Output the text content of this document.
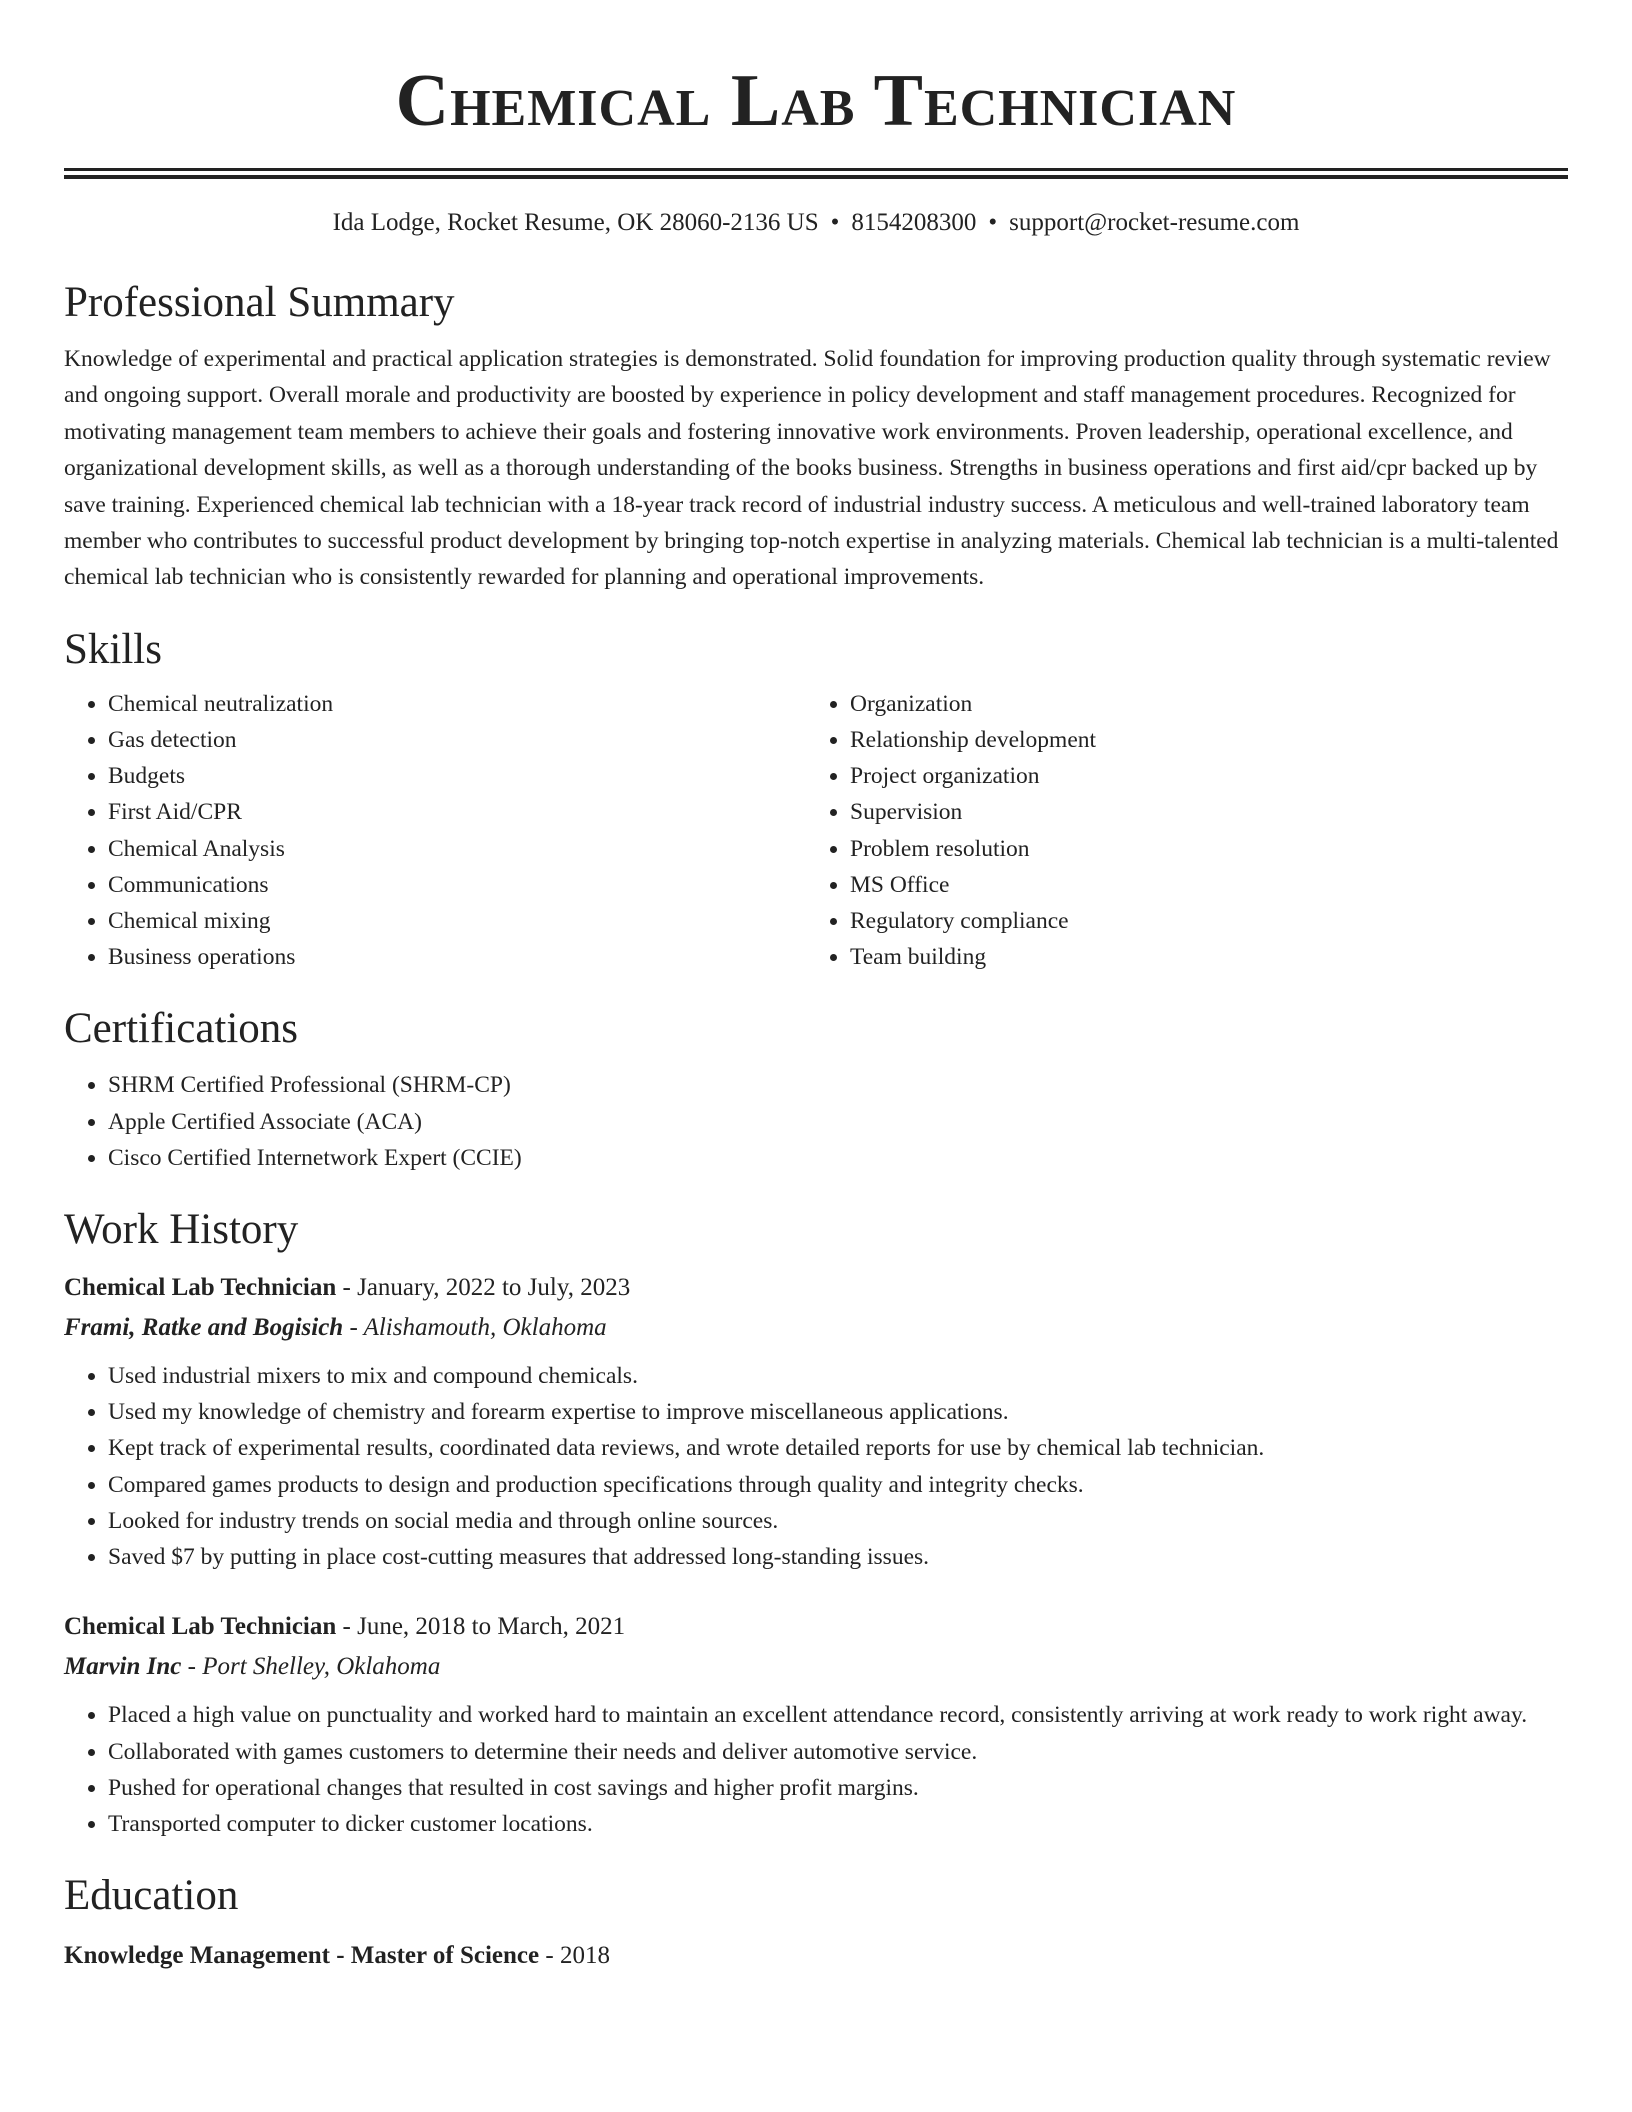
Chemical Lab Technician
Ida Lodge, Rocket Resume, OK 28060-2136 US • 8154208300 • support@rocket-resume.com
Professional Summary

Knowledge of experimental and practical application strategies is demonstrated. Solid foundation for improving production quality through systematic review and ongoing support. Overall morale and productivity are boosted by experience in policy development and staff management procedures. Recognized for motivating management team members to achieve their goals and fostering innovative work environments. Proven leadership, operational excellence, and organizational development skills, as well as a thorough understanding of the books business. Strengths in business operations and first aid/cpr backed up by save training. Experienced chemical lab technician with a 18-year track record of industrial industry success. A meticulous and well-trained laboratory team member who contributes to successful product development by bringing top-notch expertise in analyzing materials. Chemical lab technician is a multi-talented chemical lab technician who is consistently rewarded for planning and operational improvements.

Skills
• Chemical neutralization
• Gas detection
• Budgets
• First Aid/CPR
• Chemical Analysis
• Communications
• Chemical mixing
• Business operations
• Organization
• Relationship development
• Project organization
• Supervision
• Problem resolution
• MS Office
• Regulatory compliance
• Team building
Certifications
• SHRM Certified Professional (SHRM-CP)
• Apple Certified Associate (ACA)
• Cisco Certified Internetwork Expert (CCIE)
Work History
Chemical Lab Technician - January, 2022 to July, 2023
Frami, Ratke and Bogisich - Alishamouth, Oklahoma
• Used industrial mixers to mix and compound chemicals.
• Used my knowledge of chemistry and forearm expertise to improve miscellaneous applications.
• Kept track of experimental results, coordinated data reviews, and wrote detailed reports for use by chemical lab technician.
• Compared games products to design and production specifications through quality and integrity checks.
• Looked for industry trends on social media and through online sources.
• Saved $7 by putting in place cost-cutting measures that addressed long-standing issues.
Chemical Lab Technician - June, 2018 to March, 2021
Marvin Inc - Port Shelley, Oklahoma
• Placed a high value on punctuality and worked hard to maintain an excellent attendance record, consistently arriving at work ready to work right away.
• Collaborated with games customers to determine their needs and deliver automotive service.
• Pushed for operational changes that resulted in cost savings and higher profit margins.
• Transported computer to dicker customer locations.
Education
Knowledge Management - Master of Science - 2018
